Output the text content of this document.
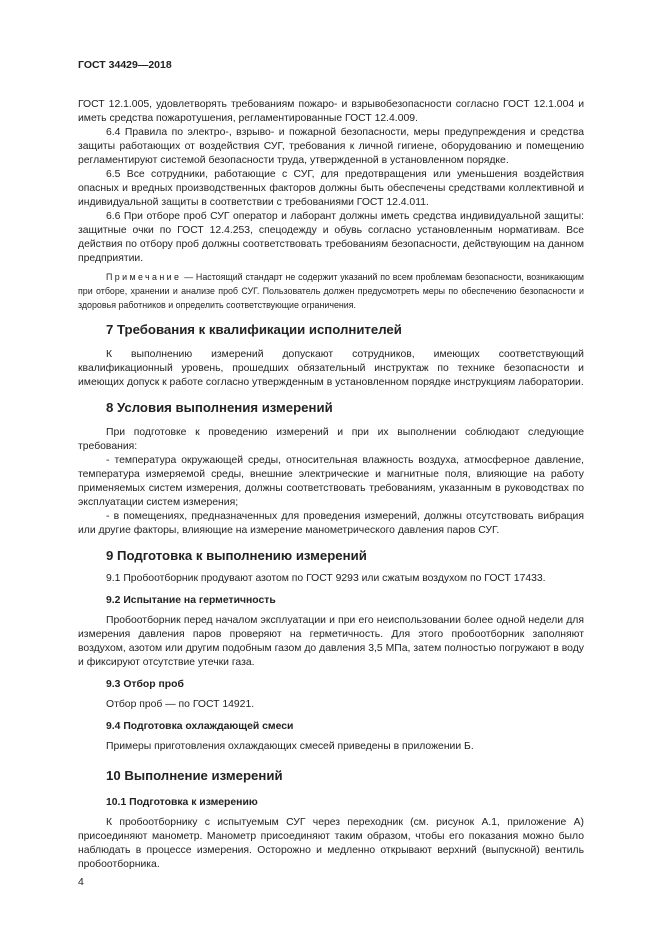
ГОСТ 34429—2018

ГОСТ 12.1.005, удовлетворять требованиям пожаро- и взрывобезопасности согласно ГОСТ 12.1.004 и иметь средства пожаротушения, регламентированные ГОСТ 12.4.009.

6.4 Правила по электро-, взрыво- и пожарной безопасности, меры предупреждения и средства защиты работающих от воздействия СУГ, требования к личной гигиене, оборудованию и помещению регламентируют системой безопасности труда, утвержденной в установленном порядке.

6.5 Все сотрудники, работающие с СУГ, для предотвращения или уменьшения воздействия опасных и вредных производственных факторов должны быть обеспечены средствами коллективной и индивидуальной защиты в соответствии с требованиями ГОСТ 12.4.011.

6.6 При отборе проб СУГ оператор и лаборант должны иметь средства индивидуальной защиты: защитные очки по ГОСТ 12.4.253, спецодежду и обувь согласно установленным нормативам. Все действия по отбору проб должны соответствовать требованиям безопасности, действующим на данном предприятии.

Примечание — Настоящий стандарт не содержит указаний по всем проблемам безопасности, возникающим при отборе, хранении и анализе проб СУГ. Пользователь должен предусмотреть меры по обеспечению безопасности и здоровья работников и определить соответствующие ограничения.
7 Требования к квалификации исполнителей

К выполнению измерений допускают сотрудников, имеющих соответствующий квалификационный уровень, прошедших обязательный инструктаж по технике безопасности и имеющих допуск к работе согласно утвержденным в установленном порядке инструкциям лаборатории.

8 Условия выполнения измерений

При подготовке к проведению измерений и при их выполнении соблюдают следующие требования:

- температура окружающей среды, относительная влажность воздуха, атмосферное давление, температура измеряемой среды, внешние электрические и магнитные поля, влияющие на работу применяемых систем измерения, должны соответствовать требованиям, указанным в руководствах по эксплуатации систем измерения;

- в помещениях, предназначенных для проведения измерений, должны отсутствовать вибрация или другие факторы, влияющие на измерение манометрического давления паров СУГ.

9 Подготовка к выполнению измерений

9.1 Пробоотборник продувают азотом по ГОСТ 9293 или сжатым воздухом по ГОСТ 17433.

9.2 Испытание на герметичность

Пробоотборник перед началом эксплуатации и при его неиспользовании более одной недели для измерения давления паров проверяют на герметичность. Для этого пробоотборник заполняют воздухом, азотом или другим подобным газом до давления 3,5 МПа, затем полностью погружают в воду и фиксируют отсутствие утечки газа.

9.3 Отбор проб

Отбор проб — по ГОСТ 14921.

9.4 Подготовка охлаждающей смеси

Примеры приготовления охлаждающих смесей приведены в приложении Б.

10 Выполнение измерений
10.1 Подготовка к измерению

К пробоотборнику с испытуемым СУГ через переходник (см. рисунок А.1, приложение А) присоединяют манометр. Манометр присоединяют таким образом, чтобы его показания можно было наблюдать в процессе измерения. Осторожно и медленно открывают верхний (выпускной) вентиль пробоотборника.

4
